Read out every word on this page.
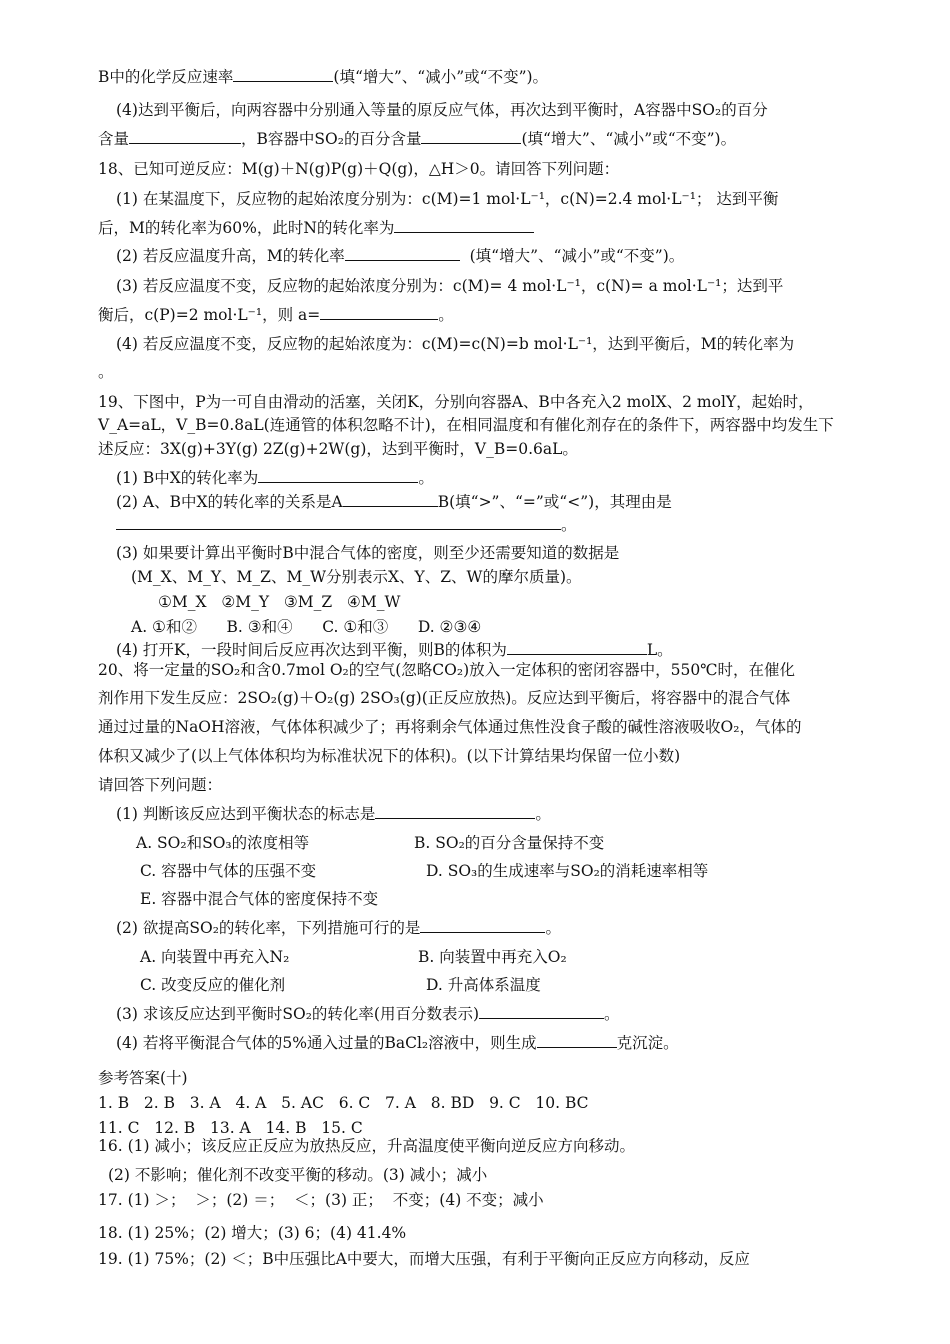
B中的化学反应速率	(填“增大”、“减小”或“不变”)。
(4)达到平衡后，向两容器中分别通入等量的原反应气体，再次达到平衡时，A容器中SO₂的百分
含量	，B容器中SO₂的百分含量	(填“增大”、“减小”或“不变”)。
18、已知可逆反应：M(g)＋N(g)P(g)＋Q(g)，△H＞0。请回答下列问题：
(1) 在某温度下，反应物的起始浓度分别为：c(M)=1 mol·L⁻¹，c(N)=2.4 mol·L⁻¹； 达到平衡
后，M的转化率为60%，此时N的转化率为
(2) 若反应温度升高，M的转化率	(填“增大”、“减小”或“不变”)。
(3) 若反应温度不变，反应物的起始浓度分别为：c(M)= 4 mol·L⁻¹，c(N)= a mol·L⁻¹；达到平
衡后，c(P)=2 mol·L⁻¹，则 a=	。
(4) 若反应温度不变，反应物的起始浓度为：c(M)=c(N)=b mol·L⁻¹，达到平衡后，M的转化率为
。
19、下图中，P为一可自由滑动的活塞，关闭K，分别向容器A、B中各充入2 molX、2 molY，起始时，
V_A=aL，V_B=0.8aL(连通管的体积忽略不计)，在相同温度和有催化剂存在的条件下，两容器中均发生下
述反应：3X(g)+3Y(g) 2Z(g)+2W(g)，达到平衡时，V_B=0.6aL。
(1) B中X的转化率为	。
(2) A、B中X的转化率的关系是A	B(填“>”、“=”或“<”)，其理由是
。
(3) 如果要计算出平衡时B中混合气体的密度，则至少还需要知道的数据是
(M_X、M_Y、M_Z、M_W分别表示X、Y、Z、W的摩尔质量)。
①M_X   ②M_Y   ③M_Z   ④M_W
A. ①和②      B. ③和④      C. ①和③      D. ②③④
(4) 打开K，一段时间后反应再次达到平衡，则B的体积为	L。
20、将一定量的SO₂和含0.7mol O₂的空气(忽略CO₂)放入一定体积的密闭容器中，550℃时，在催化
剂作用下发生反应：2SO₂(g)＋O₂(g) 2SO₃(g)(正反应放热)。反应达到平衡后，将容器中的混合气体
通过过量的NaOH溶液，气体体积减少了；再将剩余气体通过焦性没食子酸的碱性溶液吸收O₂，气体的
体积又减少了(以上气体体积均为标准状况下的体积)。(以下计算结果均保留一位小数)
请回答下列问题：
(1) 判断该反应达到平衡状态的标志是	。
A. SO₂和SO₃的浓度相等	B. SO₂的百分含量保持不变
C. 容器中气体的压强不变	D. SO₃的生成速率与SO₂的消耗速率相等
E. 容器中混合气体的密度保持不变
(2) 欲提高SO₂的转化率，下列措施可行的是	。
A. 向装置中再充入N₂	B. 向装置中再充入O₂
C. 改变反应的催化剂	D. 升高体系温度
(3) 求该反应达到平衡时SO₂的转化率(用百分数表示)	。
(4) 若将平衡混合气体的5%通入过量的BaCl₂溶液中，则生成	克沉淀。
参考答案(十)
1. B   2. B   3. A   4. A   5. AC   6. C   7. A   8. BD   9. C   10. BC
11. C   12. B   13. A   14. B   15. C
16. (1) 减小；该反应正反应为放热反应，升高温度使平衡向逆反应方向移动。
(2) 不影响；催化剂不改变平衡的移动。(3) 减小；减小
17. (1) ＞；  ＞；(2) ＝；  ＜；(3) 正；  不变；(4) 不变；减小
18. (1) 25%；(2) 增大；(3) 6；(4) 41.4%
19. (1) 75%；(2) ＜；B中压强比A中要大，而增大压强，有利于平衡向正反应方向移动，反应
